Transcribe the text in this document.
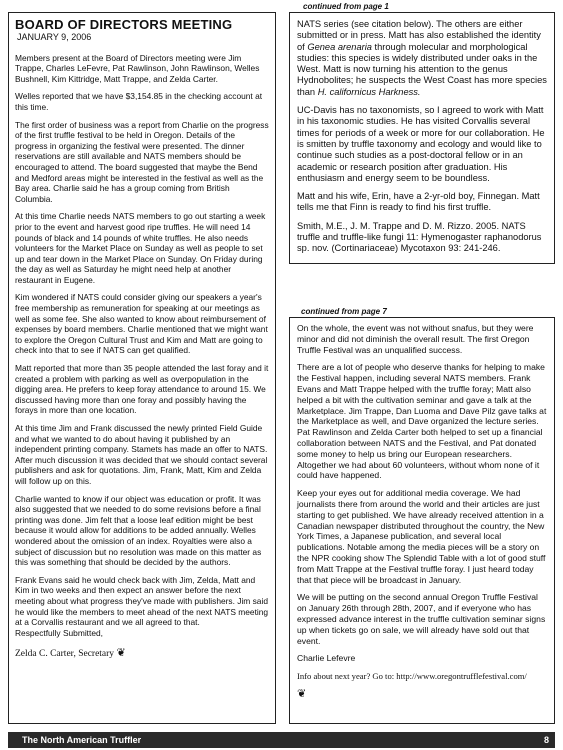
BOARD OF DIRECTORS MEETING
JANUARY 9, 2006

Members present at the Board of Directors meeting were Jim Trappe, Charles LeFevre, Pat Rawlinson, John Rawlinson, Welles Bushnell, Kim Kittridge, Matt Trappe, and Zelda Carter.

Welles reported that we have $3,154.85 in the checking account at this time.

The first order of business was a report from Charlie on the progress of the first truffle festival to be held in Oregon. Details of the progress in organizing the festival were presented. The dinner reservations are still available and NATS members should be encouraged to attend. The board suggested that maybe the Bend and Medford areas might be interested in the festival as well as the Bay area. Charlie said he has a group coming from British Columbia.

At this time Charlie needs NATS members to go out starting a week prior to the event and harvest good ripe truffles. He will need 14 pounds of black and 14 pounds of white truffles. He also needs volunteers for the Market Place on Sunday as well as people to set up and tear down in the Market Place on Sunday. On Friday during the day as well as Saturday he might need help at another restaurant in Eugene.

Kim wondered if NATS could consider giving our speakers a year's free membership as remuneration for speaking at our meetings as well as some fee. She also wanted to know about reimbursement of expenses by board members. Charlie mentioned that we might want to explore the Oregon Cultural Trust and Kim and Matt are going to check into that to see if NATS can get qualified.

Matt reported that more than 35 people attended the last foray and it created a problem with parking as well as overpopulation in the digging area. He prefers to keep foray attendance to around 15. We discussed having more than one foray and possibly having the forays in more than one location.

At this time Jim and Frank discussed the newly printed Field Guide and what we wanted to do about having it published by an independent printing company. Stamets has made an offer to NATS. After much discussion it was decided that we should contact several publishers and ask for quotations. Jim, Frank, Matt, Kim and Zelda will follow up on this.

Charlie wanted to know if our object was education or profit. It was also suggested that we needed to do some revisions before a final printing was done. Jim felt that a loose leaf edition might be best because it would allow for additions to be added annually. Welles wondered about the omission of an index. Royalties were also a subject of discussion but no resolution was made on this matter as this was something that should be decided by the authors.

Frank Evans said he would check back with Jim, Zelda, Matt and Kim in two weeks and then expect an answer before the next meeting about what progress they've made with publishers. Jim said he would like the members to meet ahead of the next NATS meeting at a Corvallis restaurant and we all agreed to that.

Respectfully Submitted,
Zelda C. Carter, Secretary ❦

NATS series (see citation below). The others are either submitted or in press. Matt has also established the identity of Genea arenaria through molecular and morphological studies: this species is widely distributed under oaks in the West. Matt is now turning his attention to the genus Hydnobolites; he suspects the West Coast has more species than H. californicus Harkness.

UC-Davis has no taxonomists, so I agreed to work with Matt in his taxonomic studies. He has visited Corvallis several times for periods of a week or more for our collaboration. He is smitten by truffle taxonomy and ecology and would like to continue such studies as a post-doctoral fellow or in an academic or research position after graduation. His enthusiasm and energy seem to be boundless.

Matt and his wife, Erin, have a 2-yr-old boy, Finnegan. Matt tells me that Finn is ready to find his first truffle.

Smith, M.E., J. M. Trappe and D. M. Rizzo. 2005. NATS truffle and truffle-like fungi 11: Hymenogaster raphanodorus sp. nov. (Cortinariaceae) Mycotaxon 93: 241-246.

continued from page 1

On the whole, the event was not without snafus, but they were minor and did not diminish the overall result. The first Oregon Truffle Festival was an unqualified success.

There are a lot of people who deserve thanks for helping to make the Festival happen, including several NATS members. Frank Evans and Matt Trappe helped with the truffle foray; Matt also helped a bit with the cultivation seminar and gave a talk at the Marketplace. Jim Trappe, Dan Luoma and Dave Pilz gave talks at the Marketplace as well, and Dave organized the lecture series. Pat Rawlinson and Zelda Carter both helped to set up a financial collaboration between NATS and the Festival, and Pat donated some money to help us bring our European researchers. Altogether we had about 60 volunteers, without whom none of it could have happened.

Keep your eyes out for additional media coverage. We had journalists there from around the world and their articles are just starting to get published. We have already received attention in a Canadian newspaper distributed throughout the country, the New York Times, a Japanese publication, and several local publications. Notable among the media pieces will be a story on the NPR cooking show The Splendid Table with a lot of good stuff from Matt Trappe at the Festival truffle foray. I just heard today that that piece will be broadcast in January.

We will be putting on the second annual Oregon Truffle Festival on January 26th through 28th, 2007, and if everyone who has expressed advance interest in the truffle cultivation seminar signs up when tickets go on sale, we will already have sold out that event.

Charlie Lefevre

Info about next year? Go to: http://www.oregontrufflefestival.com/

❦
continued from page 7
The North American Truffler	8
